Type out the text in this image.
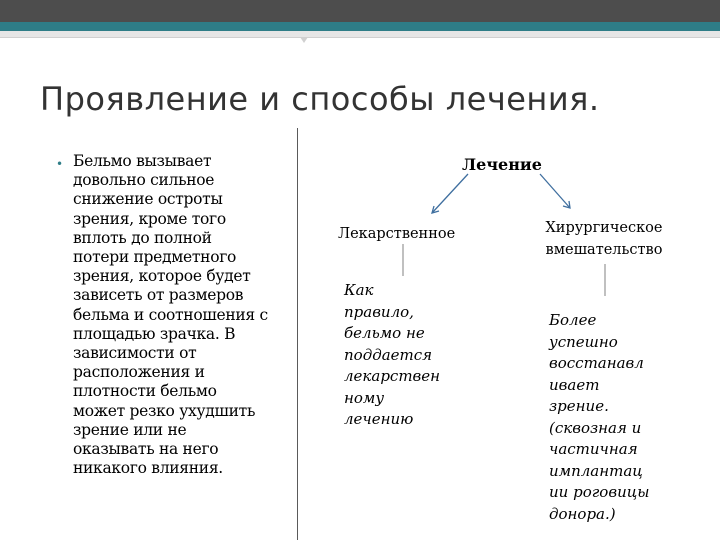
Проявление и способы лечения.
• Бельмо вызывает
довольно сильное
снижение остроты
зрения, кроме того
вплоть до полной
потери предметного
зрения, которое будет
зависеть от размеров
бельма и соотношения с
площадью зрачка. В
зависимости от
расположения и
плотности бельмо
может резко ухудшить
зрение или не
оказывать на него
никакого влияния.

Лечение

Лекарственное	Хирургическое
вмешательство

Как
правило,
бельмо не
поддается
лекарствен
ному
лечению

Более
успешно
восстанавл
ивает
зрение.
(сквозная и
частичная
имплантац
ии роговицы
донора.)
